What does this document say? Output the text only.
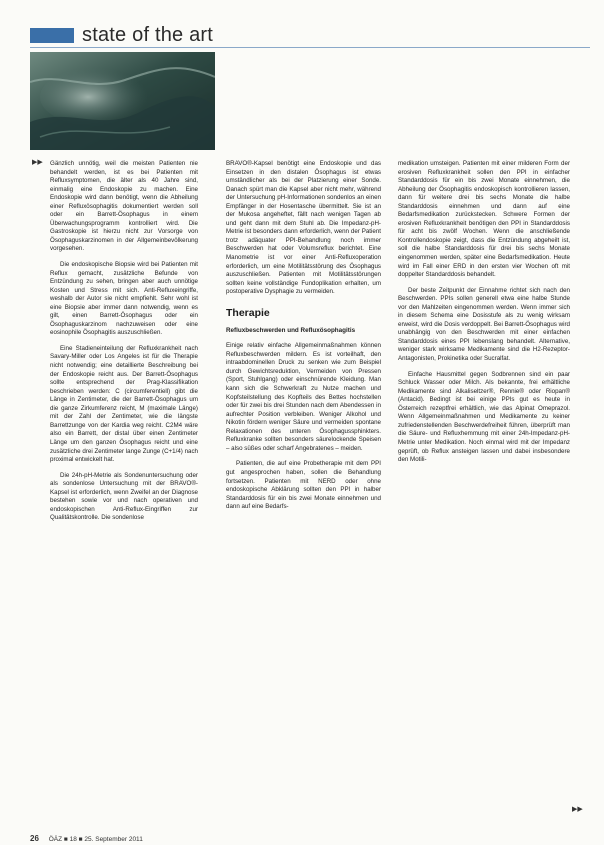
state of the art
▶▶ Gänzlich unnötig, weil die meisten Patienten nie behandelt werden, ist es bei Patienten mit Refluxsymptomen, die älter als 40 Jahre sind, einmalig eine Endoskopie zu machen. Eine Endoskopie wird dann benötigt, wenn die Abheilung einer Refluxösophagitis dokumentiert werden soll oder ein Barrett-Ösophagus in einem Überwachungsprogramm kontrolliert wird. Die Gastroskopie ist hierzu nicht zur Vorsorge von Ösophaguskarzinomen in der Allgemeinbevölkerung vorgesehen.

Die endoskopische Biopsie wird bei Patienten mit Reflux gemacht, zusätzliche Befunde von Entzündung zu sehen, bringen aber auch unnötige Kosten und Stress mit sich. Anti-Refluxeingriffe, weshalb der Autor sie nicht empfiehlt. Sehr wohl ist eine Biopsie aber immer dann notwendig, wenn es gilt, einen Barrett-Ösophagus oder ein Ösophaguskarzinom nachzuweisen oder eine eosinophile Ösophagitis auszuschließen.

Eine Stadieneinteilung der Refluxkrankheit nach Savary-Miller oder Los Angeles ist für die Therapie nicht notwendig; eine detaillierte Beschreibung bei der Endoskopie reicht aus. Der Barrett-Ösophagus sollte entsprechend der Prag-Klassifikation beschrieben werden: C (circumferentiell) gibt die Länge in Zentimeter, die der Barrett-Ösophagus um die ganze Zirkumferenz reicht, M (maximale Länge) mit der Zahl der Zentimeter, wie die längste Barrettzunge von der Kardia weg reicht. C2M4 wäre also ein Barrett, der distal über einen Zentimeter Länge um den ganzen Ösophagus reicht und eine zusätzliche drei Zentimeter lange Zunge (C+1/4) nach proximal entwickelt hat.

Die 24h-pH-Metrie als Sondenuntersuchung oder als sondenlose Untersuchung mit der BRAVO®-Kapsel ist erforderlich, wenn Zweifel an der Diagnose bestehen sowie vor und nach operativen und endoskopischen Anti-Reflux-Eingriffen zur Qualitätskontrolle. Die sondenlose

BRAVO®-Kapsel benötigt eine Endoskopie und das Einsetzen in den distalen Ösophagus ist etwas umständlicher als bei der Platzierung einer Sonde. Danach spürt man die Kapsel aber nicht mehr, während der Untersuchung pH-Informationen sondenlos an einen Empfänger in der Hosentasche übermittelt. Sie ist an der Mukosa angeheftet, fällt nach wenigen Tagen ab und geht dann mit dem Stuhl ab. Die Impedanz-pH-Metrie ist besonders dann erforderlich, wenn der Patient trotz adäquater PPI-Behandlung noch immer Beschwerden hat oder Volumsreflux berichtet. Eine Manometrie ist vor einer Anti-Refluxoperation erforderlich, um eine Motilitätsstörung des Ösophagus auszuschließen. Patienten mit Motilitätsstörungen sollten keine vollständige Fundoplikation erhalten, um postoperative Dysphagie zu vermeiden.

Therapie

Refluxbeschwerden und Refluxösophagitis

Einige relativ einfache Allgemeinmaßnahmen können Refluxbeschwerden mildern. Es ist vorteilhaft, den intraabdominellen Druck zu senken wie zum Beispiel durch Gewichtsreduktion, Vermeiden von Pressen (Sport, Stuhlgang) oder einschnürende Kleidung. Man kann sich die Schwerkraft zu Nutze machen und Kopfsteilstellung des Kopfteils des Bettes hochstellen oder für zwei bis drei Stunden nach dem Abendessen in aufrechter Position verbleiben. Weniger Alkohol und Nikotin fördern weniger Säure und vermeiden spontane Relaxationen des unteren Ösophagussphinkters. Refluxkranke sollten besonders säurelockende Speisen – also süßes oder scharf Angebratenes – meiden.

Patienten, die auf eine Probetherapie mit dem PPI gut angesprochen haben, sollen die Behandlung fortsetzen. Patienten mit NERD oder ohne endoskopische Abklärung sollten den PPI in halber Standarddosis für ein bis zwei Monate einnehmen und dann auf eine Bedarfs-

medikation umsteigen. Patienten mit einer milderen Form der erosiven Refluxkrankheit sollen den PPI in einfacher Standarddosis für ein bis zwei Monate einnehmen, die Abheilung der Ösophagitis endoskopisch kontrollieren lassen, dann für weitere drei bis sechs Monate die halbe Standarddosis einnehmen und dann auf eine Bedarfsmedikation zurückstecken. Schwere Formen der erosiven Refluxkrankheit benötigen den PPI in Standarddosis für acht bis zwölf Wochen. Wenn die anschließende Kontrollendoskopie zeigt, dass die Entzündung abgeheilt ist, soll die halbe Standarddosis für drei bis sechs Monate eingenommen werden, später eine Bedarfsmedikation. Heute wird im Fall einer ERD in den ersten vier Wochen oft mit doppelter Standarddosis behandelt.

Der beste Zeitpunkt der Einnahme richtet sich nach den Beschwerden. PPIs sollen generell etwa eine halbe Stunde vor den Mahlzeiten eingenommen werden. Wenn immer sich in diesem Schema eine Dosisstufe als zu wenig wirksam erweist, wird die Dosis verdoppelt. Bei Barrett-Ösophagus wird unabhängig von den Beschwerden mit einer einfachen Standarddosis eines PPI lebenslang behandelt. Alternative, weniger stark wirksame Medikamente sind die H2-Rezeptor-Antagonisten, Prokinetika oder Sucralfat.

Einfache Hausmittel gegen Sodbrennen sind ein paar Schluck Wasser oder Milch. Als bekannte, frei erhältliche Medikamente sind Alkaliseltzer®, Rennie® oder Riopan® (Antacid). Bedingt ist bei einige PPIs gut es heute in Österreich rezeptfrei erhältlich, wie das Alpinat Omeprazol. Wenn Allgemeinmaßnahmen und Medikamente zu keiner zufriedenstellenden Beschwerdefreiheit führen, überprüft man die Säure- und Refluxhemmung mit einer 24h-Impedanz-pH-Metrie unter Medikation. Noch einmal wird mit der Impedanz geprüft, ob Reflux ansteigen lassen und dabei insbesondere den Motili-

▶▶
26 ÖÄZ ■ 18 ■ 25. September 2011
